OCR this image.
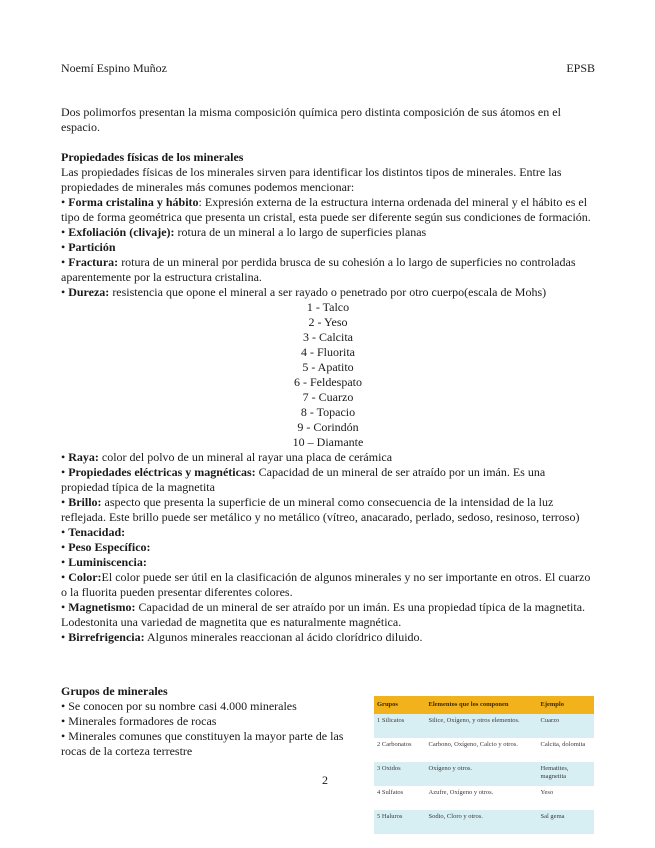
Noemí Espino Muñoz	EPSB

Dos polimorfos presentan la misma composición química pero distinta composición de sus átomos en el espacio.

Propiedades físicas de los minerales

Las propiedades físicas de los minerales sirven para identificar los distintos tipos de minerales. Entre las propiedades de minerales más comunes podemos mencionar:

• Forma cristalina y hábito: Expresión externa de la estructura interna ordenada del mineral y el hábito es el tipo de forma geométrica que presenta un cristal, esta puede ser diferente según sus condiciones de formación.

• Exfoliación (clivaje): rotura de un mineral a lo largo de superficies planas

• Partición

• Fractura: rotura de un mineral por perdida brusca de su cohesión a lo largo de superficies no controladas aparentemente por la estructura cristalina.

• Dureza: resistencia que opone el mineral a ser rayado o penetrado por otro cuerpo(escala de Mohs)

1 - Talco
2 - Yeso
3 - Calcita
4 - Fluorita
5 - Apatito
6 - Feldespato
7 - Cuarzo
8 - Topacio
9 - Corindón
10 – Diamante

• Raya: color del polvo de un mineral al rayar una placa de cerámica

• Propiedades eléctricas y magnéticas: Capacidad de un mineral de ser atraído por un imán. Es una propiedad típica de la magnetita

• Brillo: aspecto que presenta la superficie de un mineral como consecuencia de la intensidad de la luz reflejada. Este brillo puede ser metálico y no metálico (vítreo, anacarado, perlado, sedoso, resinoso, terroso)

• Tenacidad:

• Peso Específico:

• Luminiscencia:

• Color:El color puede ser útil en la clasificación de algunos minerales y no ser importante en otros. El cuarzo o la fluorita pueden presentar diferentes colores.

• Magnetismo: Capacidad de un mineral de ser atraído por un imán. Es una propiedad típica de la magnetita. Lodestonita una variedad de magnetita que es naturalmente magnética.

• Birrefrigencia: Algunos minerales reaccionan al ácido clorídrico diluido.

Grupos de minerales

• Se conocen por su nombre casi 4.000 minerales

• Minerales formadores de rocas

• Minerales comunes que constituyen la mayor parte de las rocas de la corteza terrestre

2
Grupos	Elementos que los componen	Ejemplo
1 Silicatos	Silice, Oxígeno, y otros elementos.	Cuarzo
2 Carbonatos	Carbono, Oxígeno, Calcio y otros.	Calcita, dolomita
3 Oxidos	Oxígeno y otros.	Hematites, magnetita
4 Sulfatos	Azufre, Oxígeno y otros.	Yeso
5 Haluros	Sodio, Cloro y otros.	Sal gema
